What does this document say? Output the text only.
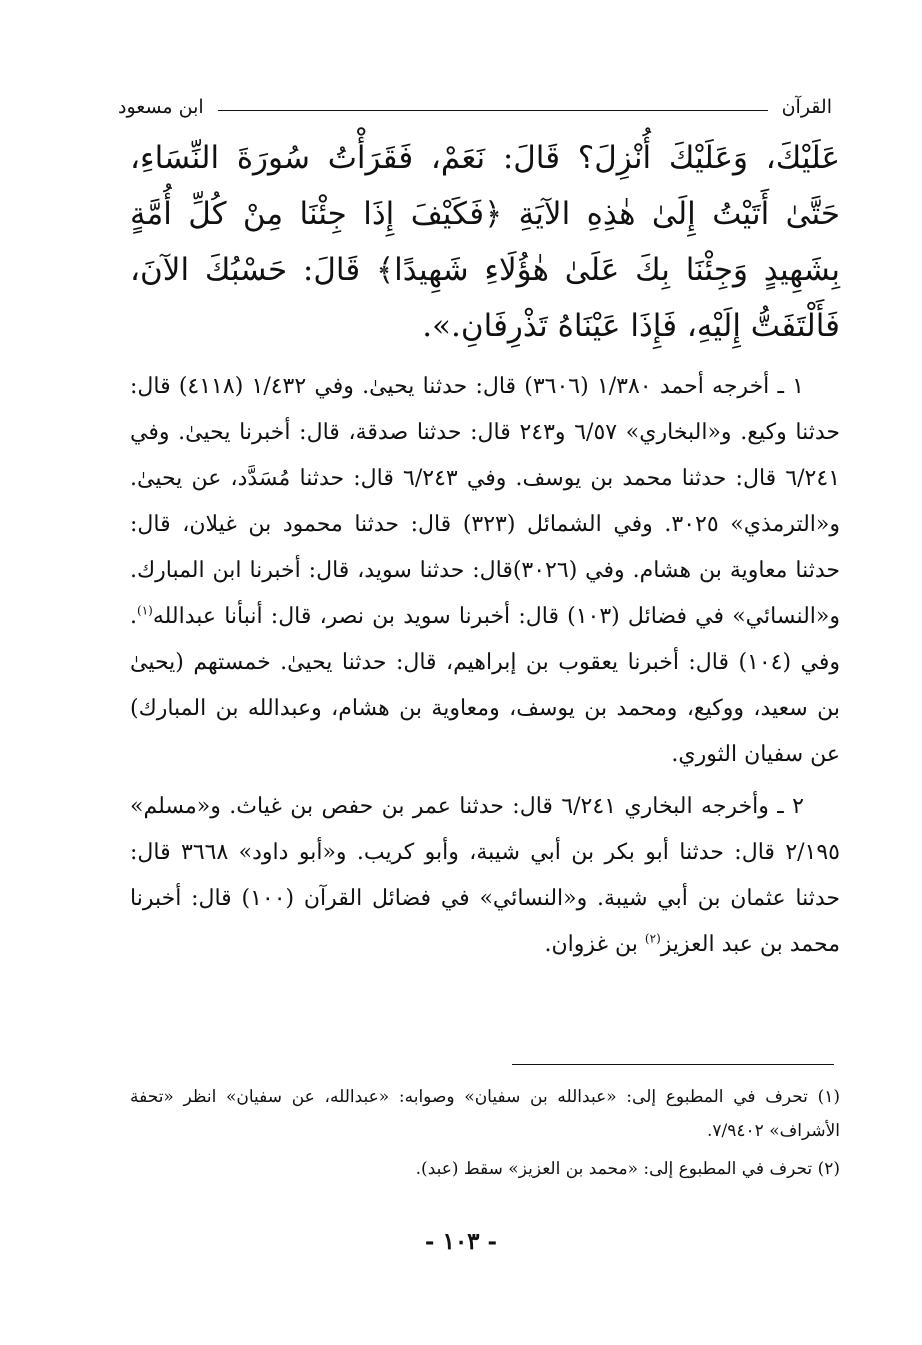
القرآن
ابن مسعود

عَلَيْكَ، وَعَلَيْكَ أُنْزِلَ؟ قَالَ: نَعَمْ، فَقَرَأْتُ سُورَةَ النِّسَاءِ، حَتَّىٰ أَتَيْتُ إِلَىٰ هٰذِهِ الآيَةِ ﴿فَكَيْفَ إِذَا جِئْنَا مِنْ كُلِّ أُمَّةٍ بِشَهِيدٍ وَجِئْنَا بِكَ عَلَىٰ هٰؤُلَاءِ شَهِيدًا﴾ قَالَ: حَسْبُكَ الآنَ، فَأَلْتَفَتُّ إِلَيْهِ، فَإِذَا عَيْنَاهُ تَذْرِفَانِ.».

١ ـ أخرجه أحمد ١/٣٨٠ (٣٦٠٦) قال: حدثنا يحيىٰ. وفي ١/٤٣٢ (٤١١٨) قال: حدثنا وكيع. و«البخاري» ٦/٥٧ و٢٤٣ قال: حدثنا صدقة، قال: أخبرنا يحيىٰ. وفي ٦/٢٤١ قال: حدثنا محمد بن يوسف. وفي ٦/٢٤٣ قال: حدثنا مُسَدَّد، عن يحيىٰ. و«الترمذي» ٣٠٢٥. وفي الشمائل (٣٢٣) قال: حدثنا محمود بن غيلان، قال: حدثنا معاوية بن هشام. وفي (٣٠٢٦)قال: حدثنا سويد، قال: أخبرنا ابن المبارك. و«النسائي» في فضائل (١٠٣) قال: أخبرنا سويد بن نصر، قال: أنبأنا عبدالله$^{(١)}$. وفي (١٠٤) قال: أخبرنا يعقوب بن إبراهيم، قال: حدثنا يحيىٰ. خمستهم (يحيىٰ بن سعيد، ووكيع، ومحمد بن يوسف، ومعاوية بن هشام، وعبدالله بن المبارك) عن سفيان الثوري.

٢ ـ وأخرجه البخاري ٦/٢٤١ قال: حدثنا عمر بن حفص بن غياث. و«مسلم» ٢/١٩٥ قال: حدثنا أبو بكر بن أبي شيبة، وأبو كريب. و«أبو داود» ٣٦٦٨ قال: حدثنا عثمان بن أبي شيبة. و«النسائي» في فضائل القرآن (١٠٠) قال: أخبرنا محمد بن عبد العزيز$^{(٢)}$ بن غزوان.

(١) تحرف في المطبوع إلى: «عبدالله بن سفيان» وصوابه: «عبدالله، عن سفيان» انظر «تحفة الأشراف» ٧/٩٤٠٢.

(٢) تحرف في المطبوع إلى: «محمد بن العزيز» سقط (عبد).

- ١٠٣ -
